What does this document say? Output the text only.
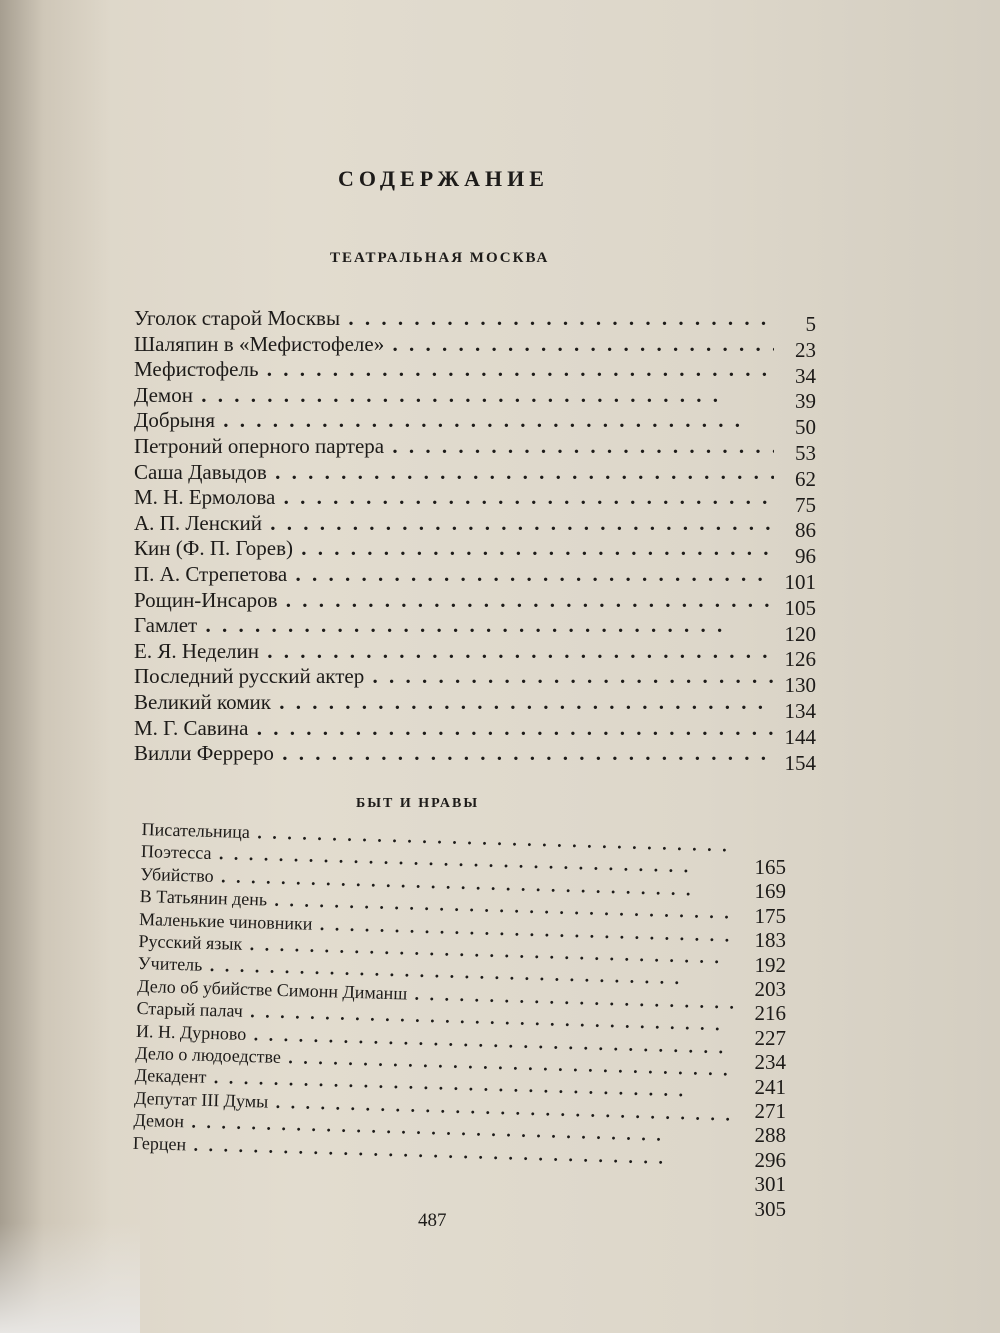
СОДЕРЖАНИЕ
ТЕАТРАЛЬНАЯ МОСКВА
Уголок старой Москвы . .
Шаляпин в «Мефистофеле» . .
Мефистофель . .
Демон . .
Добрыня . .
Петроний оперного партера . .
Саша Давыдов . .
М. Н. Ермолова . .
А. П. Ленский . .
Кин (Ф. П. Горев) . .
П. А. Стрепетова . .
Рощин-Инсаров . .
Гамлет . .
Е. Я. Неделин . .
Последний русский актер . .
Великий комик . .
М. Г. Савина . .
Вилли Ферреро . .
5
23
34
39
50
53
62
75
86
96
101
105
120
126
130
134
144
154
БЫТ И НРАВЫ
Писательница . .
Поэтесса . .
Убийство . .
В Татьянин день . .
Маленькие чиновники . .
Русский язык . .
Учитель . .
Дело об убийстве Симонн Диманш . .
Старый палач . .
И. Н. Дурново . .
Дело о людоедстве . .
Декадент . .
Депутат III Думы . .
Демон . .
Герцен . .
165
169
175
183
192
203
216
227
234
241
271
288
296
301
305
487
